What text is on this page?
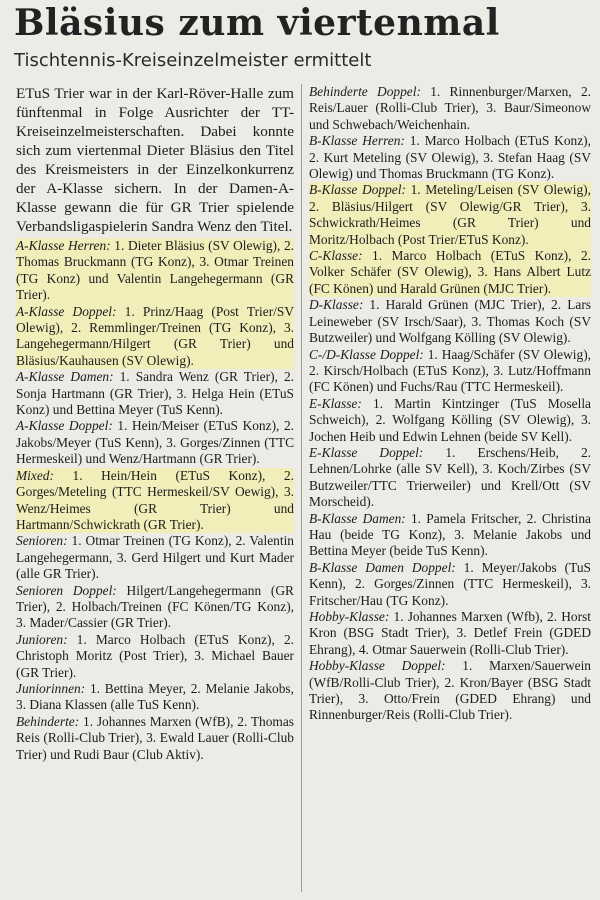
Bläsius zum viertenmal
Tischtennis-Kreiseinzelmeister ermittelt

ETuS Trier war in der Karl-Röver-Halle zum fünftenmal in Folge Ausrichter der TT-Kreiseinzelmeisterschaften. Dabei konnte sich zum viertenmal Dieter Bläsius den Titel des Kreismeisters in der Einzelkonkurrenz der A-Klasse sichern. In der Damen-A-Klasse gewann die für GR Trier spielende Verbandsligaspielerin Sandra Wenz den Titel.

A-Klasse Herren: 1. Dieter Bläsius (SV Olewig), 2. Thomas Bruckmann (TG Konz), 3. Otmar Treinen (TG Konz) und Valentin Langehegermann (GR Trier).

A-Klasse Doppel: 1. Prinz/Haag (Post Trier/SV Olewig), 2. Remmlinger/Treinen (TG Konz), 3. Langehegermann/Hilgert (GR Trier) und Bläsius/Kauhausen (SV Olewig).

A-Klasse Damen: 1. Sandra Wenz (GR Trier), 2. Sonja Hartmann (GR Trier), 3. Helga Hein (ETuS Konz) und Bettina Meyer (TuS Kenn).

A-Klasse Doppel: 1. Hein/Meiser (ETuS Konz), 2. Jakobs/Meyer (TuS Kenn), 3. Gorges/Zinnen (TTC Hermeskeil) und Wenz/Hartmann (GR Trier).

Mixed: 1. Hein/Hein (ETuS Konz), 2. Gorges/Meteling (TTC Hermeskeil/SV Oewig), 3. Wenz/Heimes (GR Trier) und Hartmann/Schwickrath (GR Trier).

Senioren: 1. Otmar Treinen (TG Konz), 2. Valentin Langehegermann, 3. Gerd Hilgert und Kurt Mader (alle GR Trier).

Senioren Doppel: Hilgert/Langehegermann (GR Trier), 2. Holbach/Treinen (FC Könen/TG Konz), 3. Mader/Cassier (GR Trier).

Junioren: 1. Marco Holbach (ETuS Konz), 2. Christoph Moritz (Post Trier), 3. Michael Bauer (GR Trier).

Juniorinnen: 1. Bettina Meyer, 2. Melanie Jakobs, 3. Diana Klassen (alle TuS Kenn).

Behinderte: 1. Johannes Marxen (WfB), 2. Thomas Reis (Rolli-Club Trier), 3. Ewald Lauer (Rolli-Club Trier) und Rudi Baur (Club Aktiv).

Behinderte Doppel: 1. Rinnenburger/Marxen, 2. Reis/Lauer (Rolli-Club Trier), 3. Baur/Simeonow und Schwebach/Weichenhain.

B-Klasse Herren: 1. Marco Holbach (ETuS Konz), 2. Kurt Meteling (SV Olewig), 3. Stefan Haag (SV Olewig) und Thomas Bruckmann (TG Konz).

B-Klasse Doppel: 1. Meteling/Leisen (SV Olewig), 2. Bläsius/Hilgert (SV Olewig/GR Trier), 3. Schwickrath/Heimes (GR Trier) und Moritz/Holbach (Post Trier/ETuS Konz).

C-Klasse: 1. Marco Holbach (ETuS Konz), 2. Volker Schäfer (SV Olewig), 3. Hans Albert Lutz (FC Könen) und Harald Grünen (MJC Trier).

D-Klasse: 1. Harald Grünen (MJC Trier), 2. Lars Leineweber (SV Irsch/Saar), 3. Thomas Koch (SV Butzweiler) und Wolfgang Kölling (SV Olewig).

C-/D-Klasse Doppel: 1. Haag/Schäfer (SV Olewig), 2. Kirsch/Holbach (ETuS Konz), 3. Lutz/Hoffmann (FC Könen) und Fuchs/Rau (TTC Hermeskeil).

E-Klasse: 1. Martin Kintzinger (TuS Mosella Schweich), 2. Wolfgang Kölling (SV Olewig), 3. Jochen Heib und Edwin Lehnen (beide SV Kell).

E-Klasse Doppel: 1. Erschens/Heib, 2. Lehnen/Lohrke (alle SV Kell), 3. Koch/Zirbes (SV Butzweiler/TTC Trierweiler) und Krell/Ott (SV Morscheid).

B-Klasse Damen: 1. Pamela Fritscher, 2. Christina Hau (beide TG Konz), 3. Melanie Jakobs und Bettina Meyer (beide TuS Kenn).

B-Klasse Damen Doppel: 1. Meyer/Jakobs (TuS Kenn), 2. Gorges/Zinnen (TTC Hermeskeil), 3. Fritscher/Hau (TG Konz).

Hobby-Klasse: 1. Johannes Marxen (Wfb), 2. Horst Kron (BSG Stadt Trier), 3. Detlef Frein (GDED Ehrang), 4. Otmar Sauerwein (Rolli-Club Trier).

Hobby-Klasse Doppel: 1. Marxen/Sauerwein (WfB/Rolli-Club Trier), 2. Kron/Bayer (BSG Stadt Trier), 3. Otto/Frein (GDED Ehrang) und Rinnenburger/Reis (Rolli-Club Trier).
